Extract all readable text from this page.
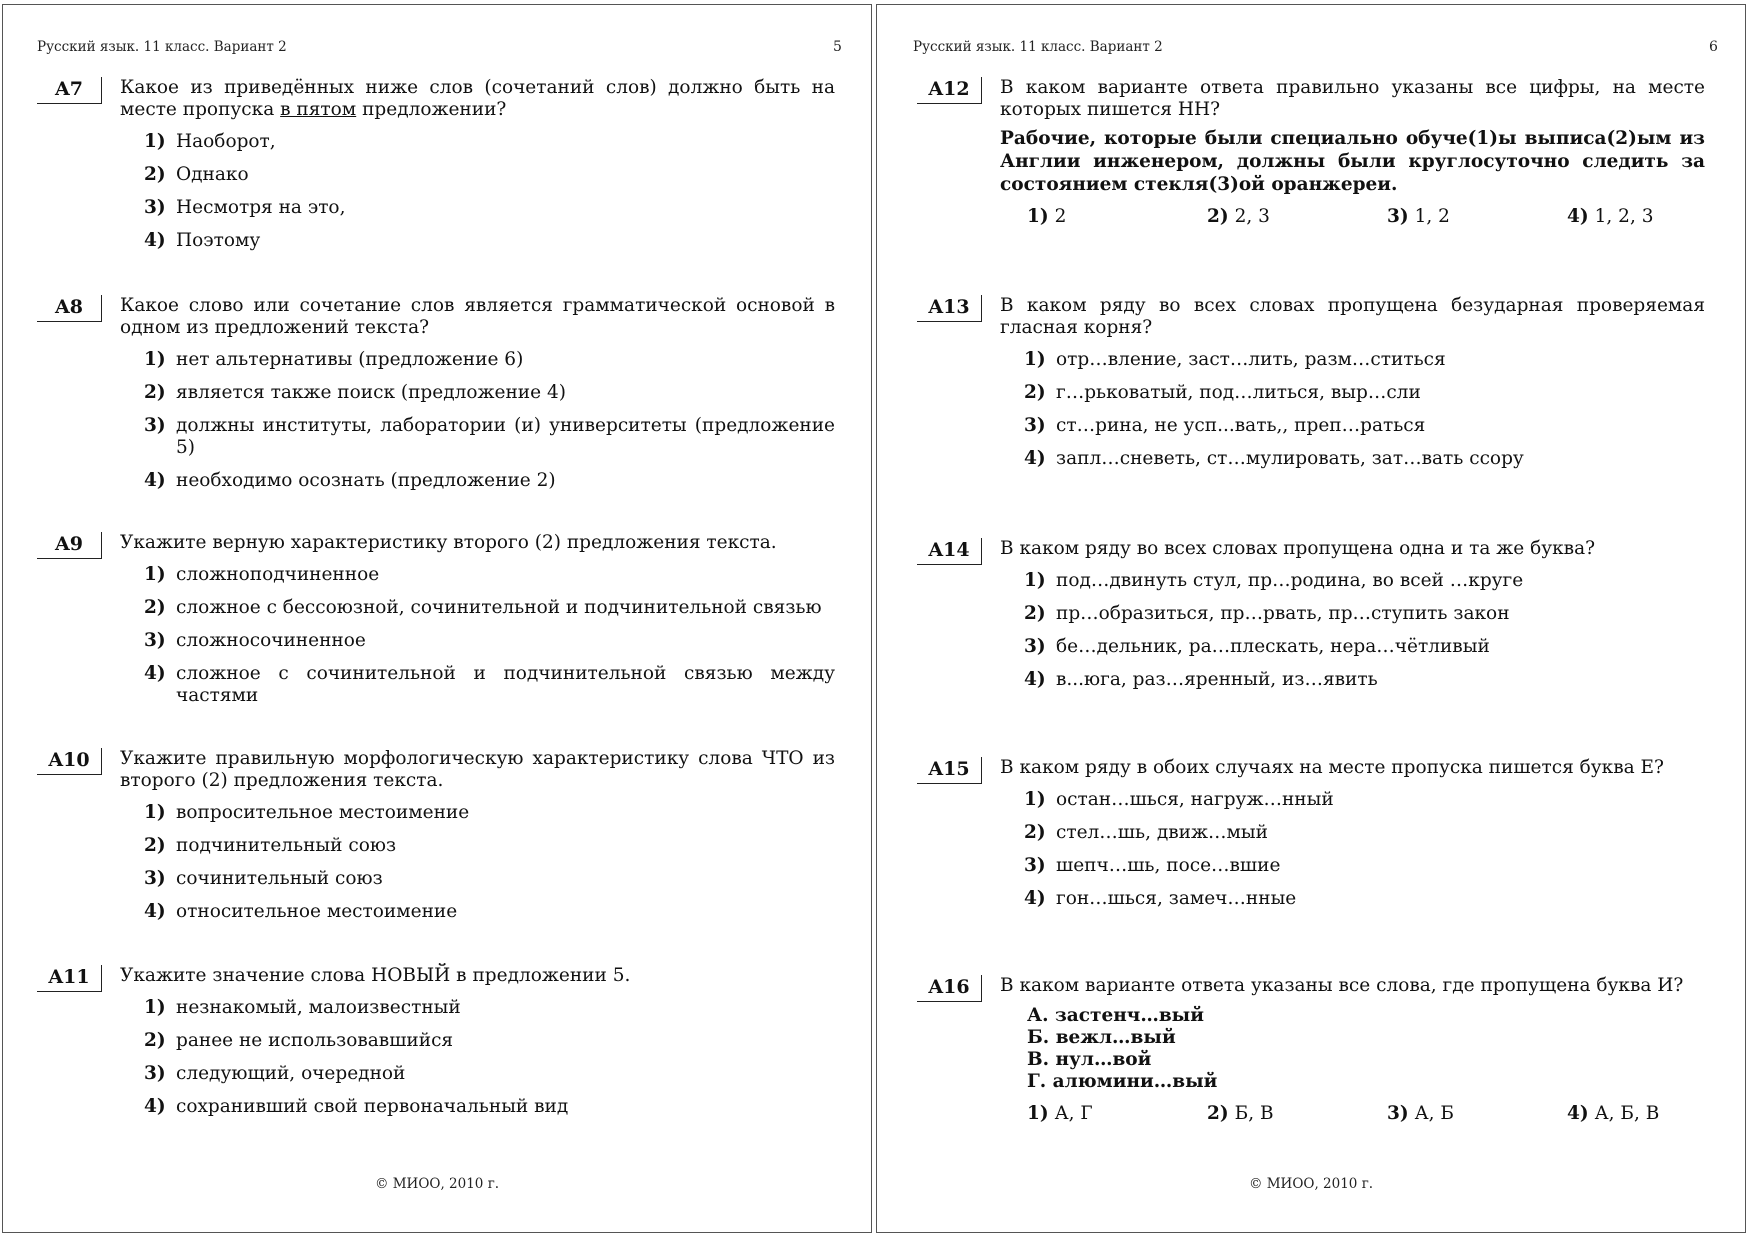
Русский язык. 11 класс. Вариант 2	5
A7	Какое из приведённых ниже слов (сочетаний слов) должно быть на месте пропуска в пятом предложении?
1) Наоборот,
2) Однако
3) Несмотря на это,
4) Поэтому
A8	Какое слово или сочетание слов является грамматической основой в одном из предложений текста?
1) нет альтернативы (предложение 6)
2) является также поиск (предложение 4)
3) должны институты, лаборатории (и) университеты (предложение 5)
4) необходимо осознать (предложение 2)
A9	Укажите верную характеристику второго (2) предложения текста.
1) сложноподчиненное
2) сложное с бессоюзной, сочинительной и подчинительной связью
3) сложносочиненное
4) сложное с сочинительной и подчинительной связью между частями
A10	Укажите правильную морфологическую характеристику слова ЧТО из второго (2) предложения текста.
1) вопросительное местоимение
2) подчинительный союз
3) сочинительный союз
4) относительное местоимение
A11	Укажите значение слова НОВЫЙ в предложении 5.
1) незнакомый, малоизвестный
2) ранее не использовавшийся
3) следующий, очередной
4) сохранивший свой первоначальный вид
© МИОО, 2010 г.
Русский язык. 11 класс. Вариант 2	6
A12	В каком варианте ответа правильно указаны все цифры, на месте которых пишется НН?
Рабочие, которые были специально обуче(1)ы выписа(2)ым из Англии инженером, должны были круглосуточно следить за состоянием стекля(3)ой оранжереи.
1) 2	2) 2, 3	3) 1, 2	4) 1, 2, 3
A13	В каком ряду во всех словах пропущена безударная проверяемая гласная корня?
1) отр…вление, заст…лить, разм…ститься
2) г…рьковатый, под…литься, выр…сли
3) ст…рина, не усп...вать,, преп…раться
4) запл…сневеть, ст…мулировать, зат…вать ссору
A14	В каком ряду во всех словах пропущена одна и та же буква?
1) под…двинуть стул, пр…родина, во всей …круге
2) пр…образиться, пр…рвать, пр…ступить закон
3) бе…дельник, ра…плескать, нера…чётливый
4) в...юга, раз…яренный, из…явить
A15	В каком ряду в обоих случаях на месте пропуска пишется буква Е?
1) остан…шься, нагруж…нный
2) стел…шь, движ…мый
3) шепч…шь, посе…вшие
4) гон…шься, замеч…нные
A16	В каком варианте ответа указаны все слова, где пропущена буква И?
А. застенч…вый
Б. вежл…вый
В. нул…вой
Г. алюмини…вый
1) А, Г	2) Б, В	3) А, Б	4) А, Б, В
© МИОО, 2010 г.
